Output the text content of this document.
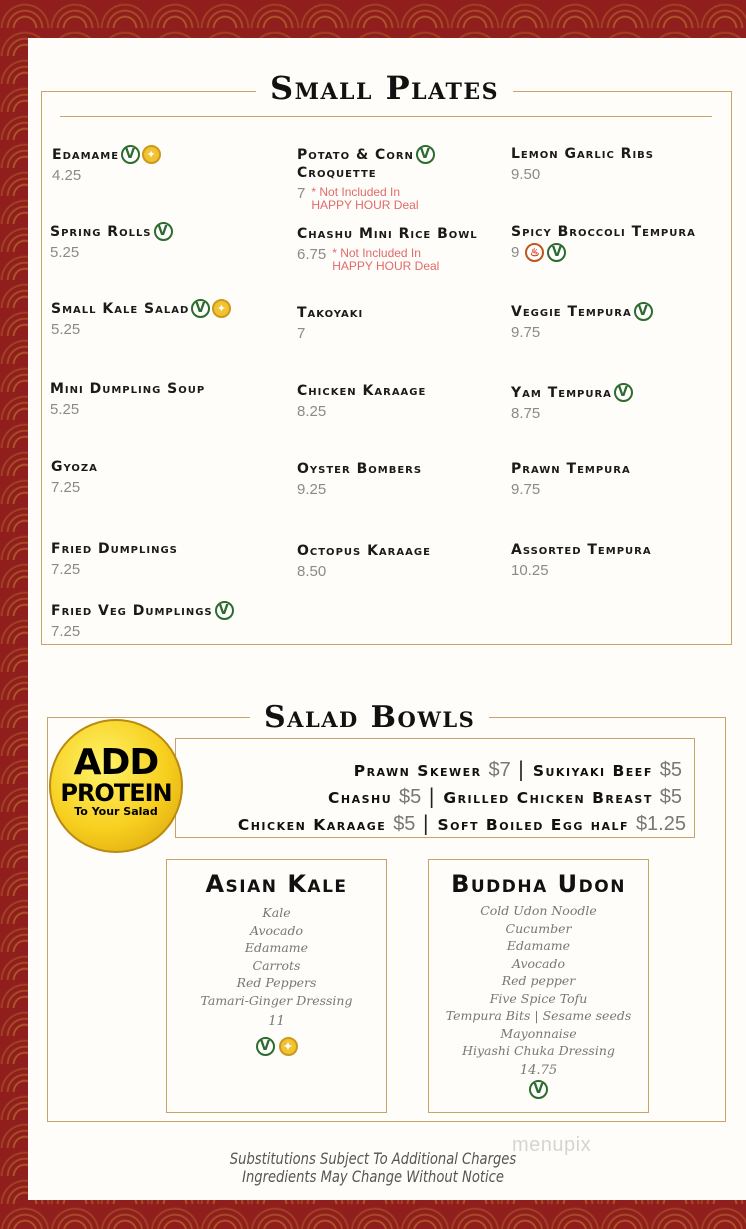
Small Plates
Edamame V ✦
4.25
Spring Rolls V
5.25
Small Kale Salad V ✦
5.25
Mini Dumpling Soup
5.25
Gyoza
7.25
Fried Dumplings
7.25
Fried Veg Dumplings V
7.25
Potato & Corn V
Croquette
7 * Not Included In
HAPPY HOUR Deal
Chashu Mini Rice Bowl
6.75 * Not Included In
HAPPY HOUR Deal
Takoyaki
7
Chicken Karaage
8.25
Oyster Bombers
9.25
Octopus Karaage
8.50
Lemon Garlic Ribs
9.50
Spicy Broccoli Tempura
9 ♨ V
Veggie Tempura V
9.75
Yam Tempura V
8.75
Prawn Tempura
9.75
Assorted Tempura
10.25
Salad Bowls
Prawn Skewer $7 | Sukiyaki Beef $5
Chashu $5 | Grilled Chicken Breast $5
Chicken Karaage $5 | Soft Boiled Egg half $1.25
ADD
PROTEIN
To Your Salad
Asian Kale
Kale
Avocado
Edamame
Carrots
Red Peppers
Tamari-Ginger Dressing
11
V	✦
Buddha Udon
Cold Udon Noodle
Cucumber
Edamame
Avocado
Red pepper
Five Spice Tofu
Tempura Bits | Sesame seeds
Mayonnaise
Hiyashi Chuka Dressing
14.75
V
menupix
Substitutions Subject To Additional Charges
Ingredients May Change Without Notice
